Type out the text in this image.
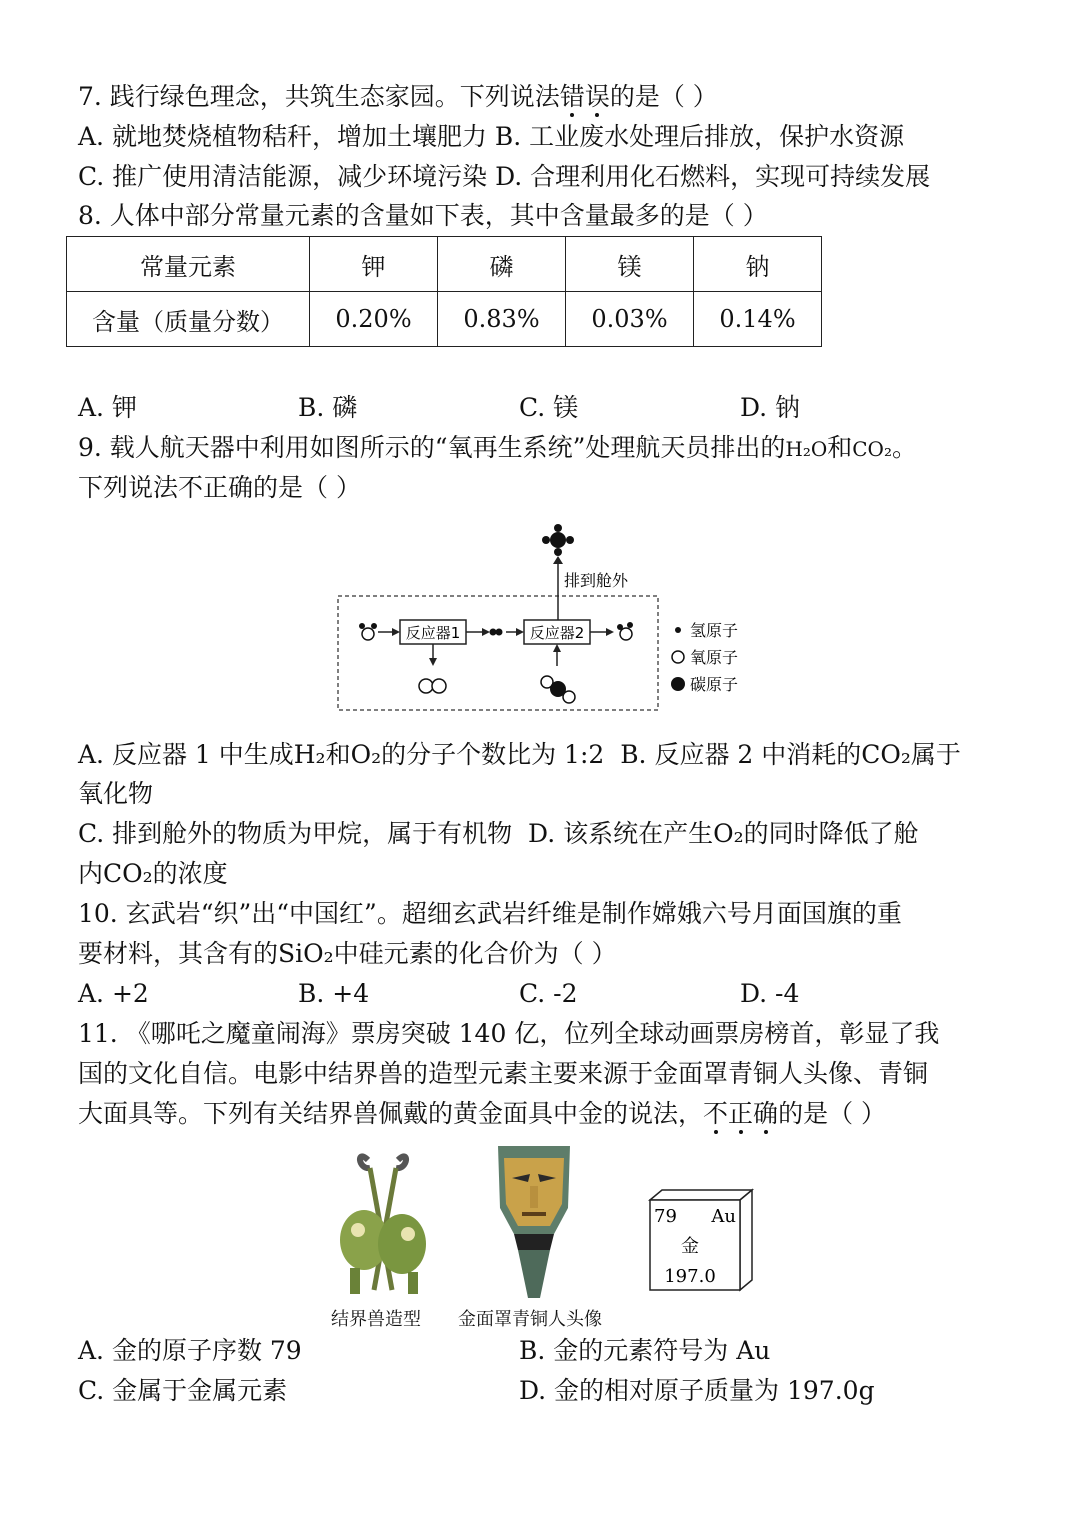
7. 践行绿色理念，共筑生态家园。下列说法错误的是（ ）
A. 就地焚烧植物秸秆，增加土壤肥力 B. 工业废水处理后排放，保护水资源
C. 推广使用清洁能源，减少环境污染 D. 合理利用化石燃料，实现可持续发展
8. 人体中部分常量元素的含量如下表，其中含量最多的是（ ）
常量元素	钾	磷	镁	钠
含量（质量分数）	0.20%	0.83%	0.03%	0.14%
A. 钾	B. 磷	C. 镁	D. 钠
9. 载人航天器中利用如图所示的“氧再生系统”处理航天员排出的H₂O和CO₂。
下列说法不正确的是（ ）
排到舱外
反应器1	反应器2	氢原子
氧原子
碳原子
A. 反应器 1 中生成H₂和O₂的分子个数比为 1:2 B. 反应器 2 中消耗的CO₂属于
氧化物
C. 排到舱外的物质为甲烷，属于有机物 D. 该系统在产生O₂的同时降低了舱
内CO₂的浓度
10. 玄武岩“织”出“中国红”。超细玄武岩纤维是制作嫦娥六号月面国旗的重
要材料，其含有的SiO₂中硅元素的化合价为（ ）
A. +2	B. +4	C. -2	D. -4
11. 《哪吒之魔童闹海》票房突破 140 亿，位列全球动画票房榜首，彰显了我
国的文化自信。电影中结界兽的造型元素主要来源于金面罩青铜人头像、青铜
大面具等。下列有关结界兽佩戴的黄金面具中金的说法，不正确的是（ ）
79 Au
金
197.0
结界兽造型 金面罩青铜人头像
A. 金的原子序数 79	B. 金的元素符号为 Au
C. 金属于金属元素	D. 金的相对原子质量为 197.0g
